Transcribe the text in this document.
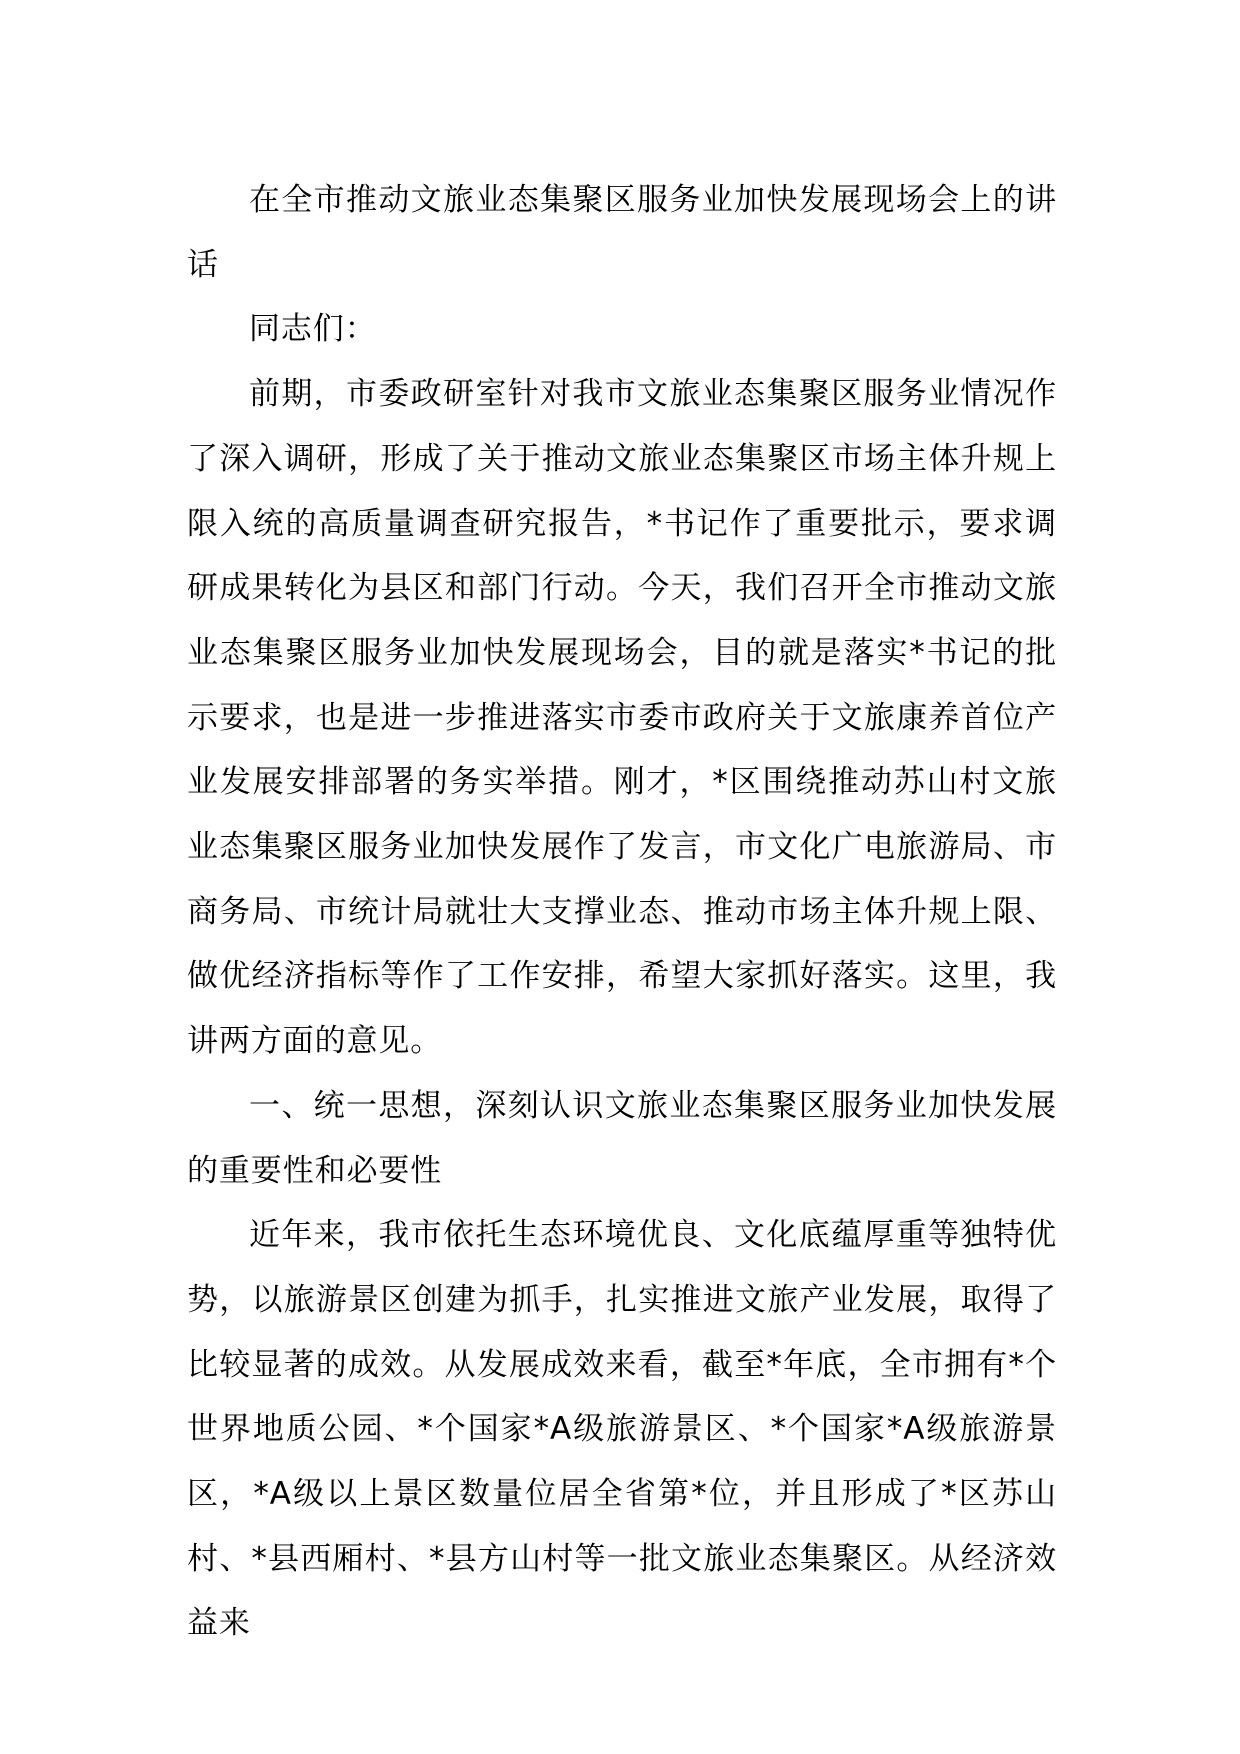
在全市推动文旅业态集聚区服务业加快发展现场会上的讲话

同志们：

前期，市委政研室针对我市文旅业态集聚区服务业情况作了深入调研，形成了关于推动文旅业态集聚区市场主体升规上限入统的高质量调查研究报告，*书记作了重要批示，要求调研成果转化为县区和部门行动。今天，我们召开全市推动文旅业态集聚区服务业加快发展现场会，目的就是落实*书记的批示要求，也是进一步推进落实市委市政府关于文旅康养首位产业发展安排部署的务实举措。刚才，*区围绕推动苏山村文旅业态集聚区服务业加快发展作了发言，市文化广电旅游局、市商务局、市统计局就壮大支撑业态、推动市场主体升规上限、做优经济指标等作了工作安排，希望大家抓好落实。这里，我讲两方面的意见。

一、统一思想，深刻认识文旅业态集聚区服务业加快发展的重要性和必要性

近年来，我市依托生态环境优良、文化底蕴厚重等独特优势，以旅游景区创建为抓手，扎实推进文旅产业发展，取得了比较显著的成效。从发展成效来看，截至*年底，全市拥有*个世界地质公园、*个国家*A级旅游景区、*个国家*A级旅游景区，*A级以上景区数量位居全省第*位，并且形成了*区苏山村、*县西厢村、*县方山村等一批文旅业态集聚区。从经济效益来
